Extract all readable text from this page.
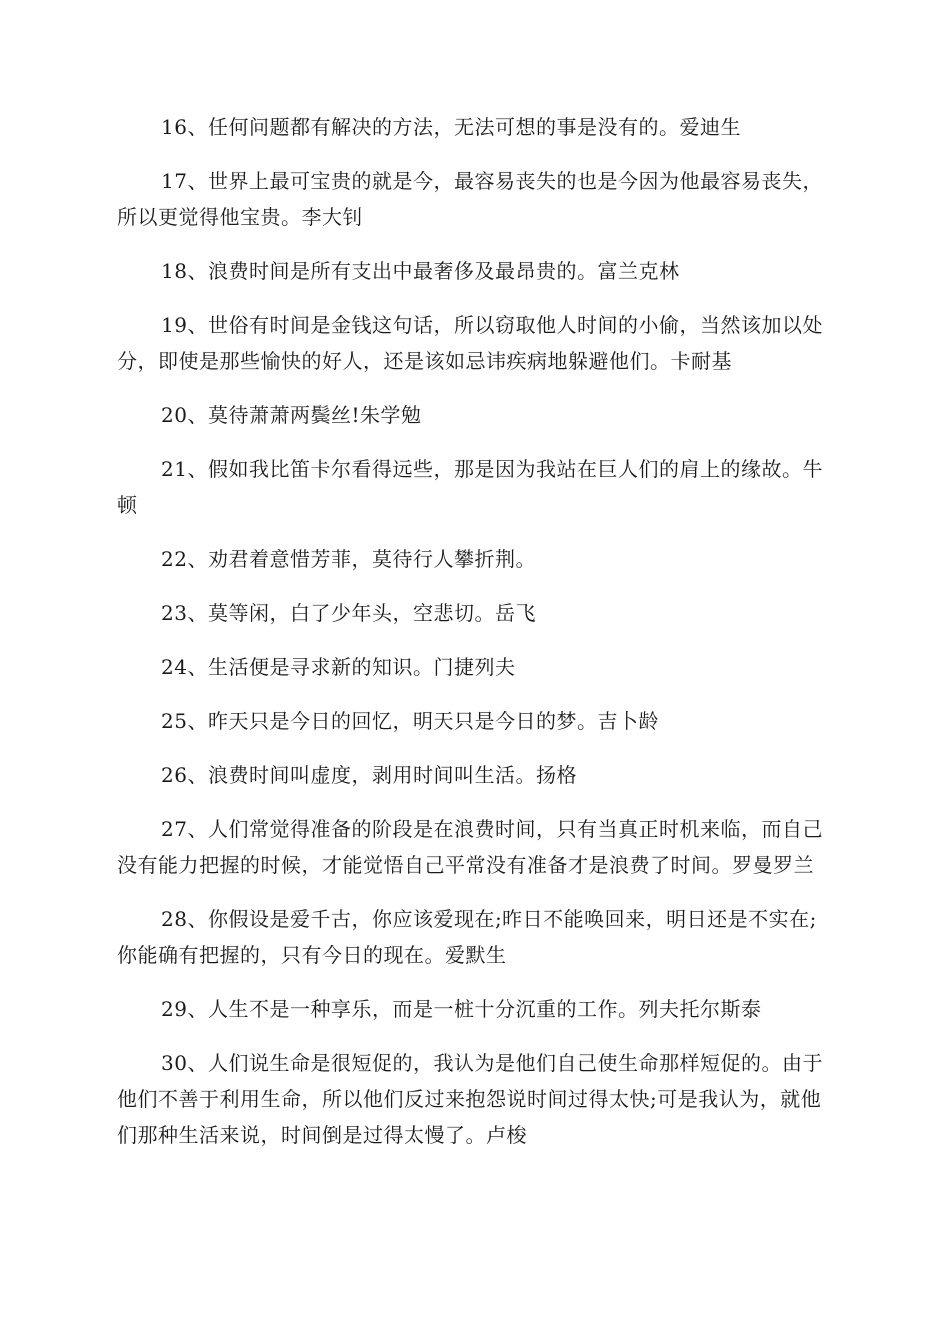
16、任何问题都有解决的方法，无法可想的事是没有的。爱迪生

17、世界上最可宝贵的就是今，最容易丧失的也是今因为他最容易丧失，所以更觉得他宝贵。李大钊

18、浪费时间是所有支出中最奢侈及最昂贵的。富兰克林

19、世俗有时间是金钱这句话，所以窃取他人时间的小偷，当然该加以处分，即使是那些愉快的好人，还是该如忌讳疾病地躲避他们。卡耐基

20、莫待萧萧两鬓丝!朱学勉

21、假如我比笛卡尔看得远些，那是因为我站在巨人们的肩上的缘故。牛顿

22、劝君着意惜芳菲，莫待行人攀折荆。

23、莫等闲，白了少年头，空悲切。岳飞

24、生活便是寻求新的知识。门捷列夫

25、昨天只是今日的回忆，明天只是今日的梦。吉卜龄

26、浪费时间叫虚度，剥用时间叫生活。扬格

27、人们常觉得准备的阶段是在浪费时间，只有当真正时机来临，而自己没有能力把握的时候，才能觉悟自己平常没有准备才是浪费了时间。罗曼罗兰

28、你假设是爱千古，你应该爱现在;昨日不能唤回来，明日还是不实在;你能确有把握的，只有今日的现在。爱默生

29、人生不是一种享乐，而是一桩十分沉重的工作。列夫托尔斯泰

30、人们说生命是很短促的，我认为是他们自己使生命那样短促的。由于他们不善于利用生命，所以他们反过来抱怨说时间过得太快;可是我认为，就他们那种生活来说，时间倒是过得太慢了。卢梭
